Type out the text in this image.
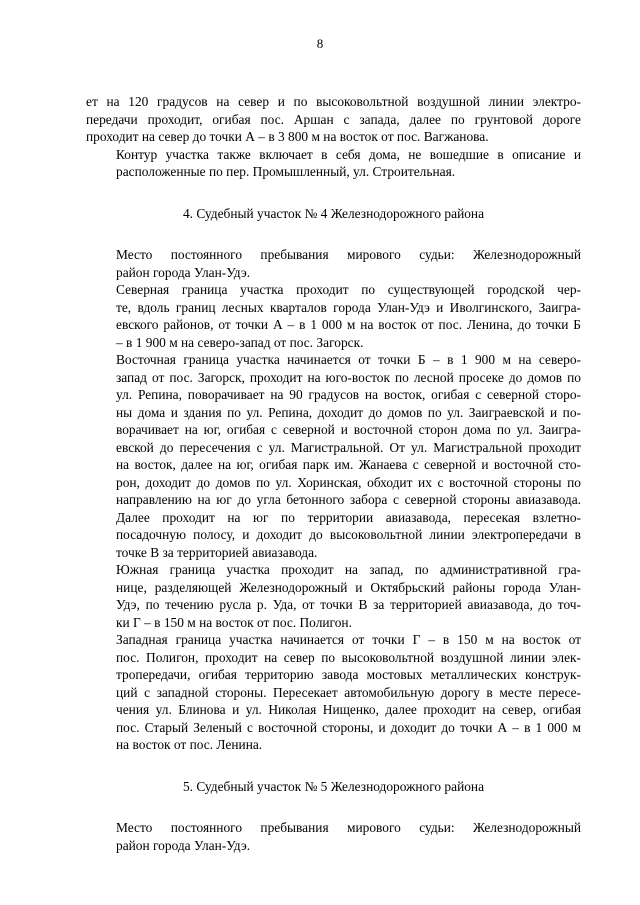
8

ет на 120 градусов на север и по высоковольтной воздушной линии электро-
передачи проходит, огибая пос. Аршан с запада, далее по грунтовой дороге
проходит на север до точки А – в 3 800 м на восток от пос. Вагжанова.

Контур участка также включает в себя дома, не вошедшие в описание и
расположенные по пер. Промышленный, ул. Строительная.

4. Судебный участок № 4 Железнодорожного района

Место постоянного пребывания мирового судьи: Железнодорожный
район города Улан-Удэ.

Северная граница участка проходит по существующей городской чер-
те, вдоль границ лесных кварталов города Улан-Удэ и Иволгинского, Заигра-
евского районов, от точки А – в 1 000 м на восток от пос. Ленина, до точки Б
– в 1 900 м на северо-запад от пос. Загорск.

Восточная граница участка начинается от точки Б – в 1 900 м на северо-
запад от пос. Загорск, проходит на юго-восток по лесной просеке до домов по
ул. Репина, поворачивает на 90 градусов на восток, огибая с северной сторо-
ны дома и здания по ул. Репина, доходит до домов по ул. Заиграевской и по-
ворачивает на юг, огибая с северной и восточной сторон дома по ул. Заигра-
евской до пересечения с ул. Магистральной. От ул. Магистральной проходит
на восток, далее на юг, огибая парк им. Жанаева с северной и восточной сто-
рон, доходит до домов по ул. Хоринская, обходит их с восточной стороны по
направлению на юг до угла бетонного забора с северной стороны авиазавода.
Далее проходит на юг по территории авиазавода, пересекая взлетно-
посадочную полосу, и доходит до высоковольтной линии электропередачи в
точке В за территорией авиазавода.

Южная граница участка проходит на запад, по административной гра-
нице, разделяющей Железнодорожный и Октябрьский районы города Улан-
Удэ, по течению русла р. Уда, от точки В за территорией авиазавода, до точ-
ки Г – в 150 м на восток от пос. Полигон.

Западная граница участка начинается от точки Г – в 150 м на восток от
пос. Полигон, проходит на север по высоковольтной воздушной линии элек-
тропередачи, огибая территорию завода мостовых металлических конструк-
ций с западной стороны. Пересекает автомобильную дорогу в месте пересе-
чения ул. Блинова и ул. Николая Нищенко, далее проходит на север, огибая
пос. Старый Зеленый с восточной стороны, и доходит до точки А – в 1 000 м
на восток от пос. Ленина.

5. Судебный участок № 5 Железнодорожного района

Место постоянного пребывания мирового судьи: Железнодорожный
район города Улан-Удэ.
